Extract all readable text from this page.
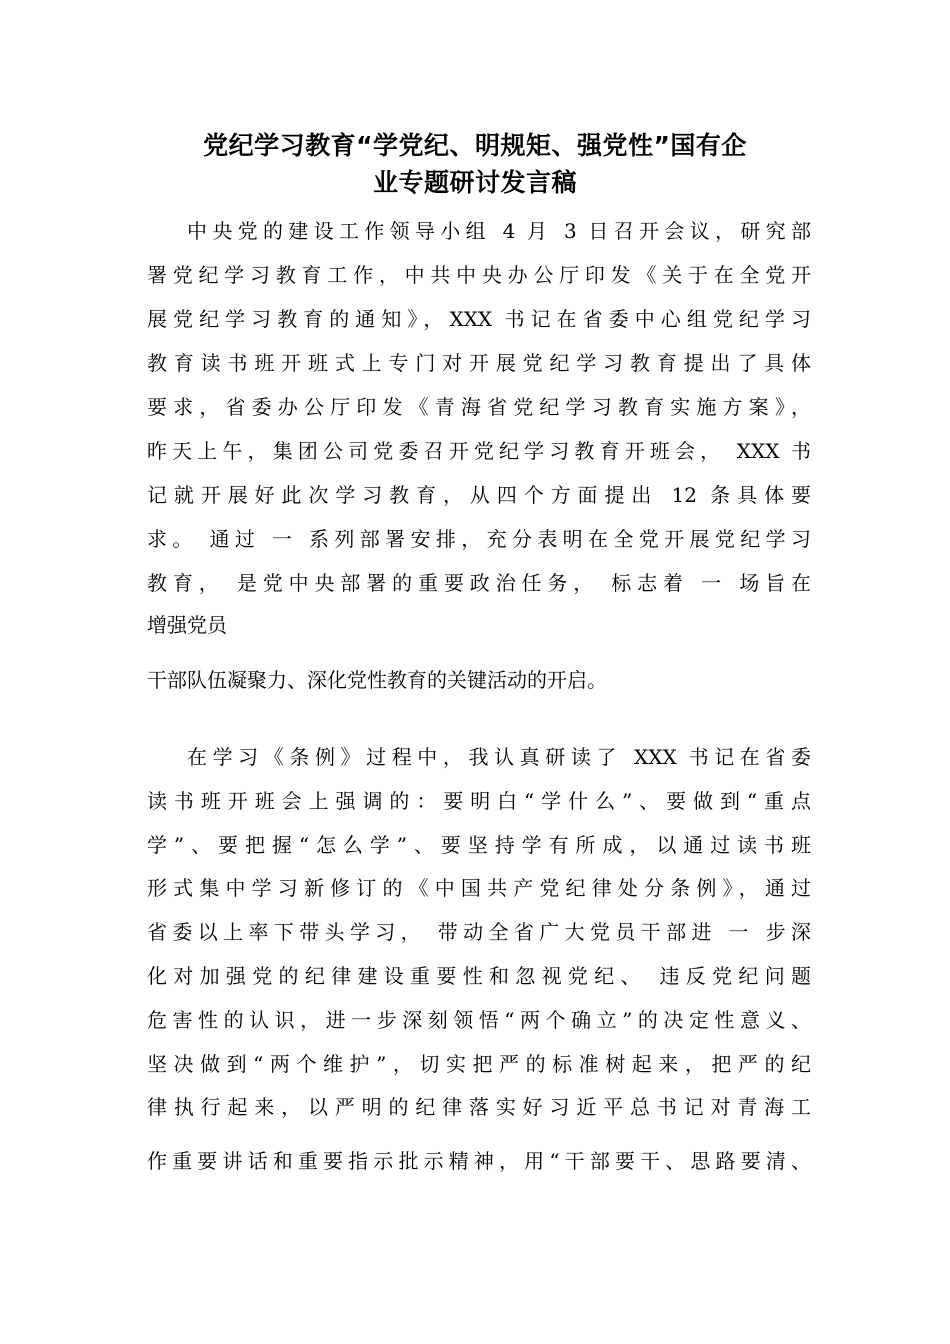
党纪学习教育“学党纪、明规矩、强党性”国有企
业专题研讨发言稿
中央党的建设工作领导小组 4 月 3 日召开会议，研究部
署党纪学习教育工作，中共中央办公厅印发《关于在全党开
展党纪学习教育的通知》，XXX 书记在省委中心组党纪学习
教育读书班开班式上专门对开展党纪学习教育提出了具体
要求，省委办公厅印发《青海省党纪学习教育实施方案》，
昨天上午，集团公司党委召开党纪学习教育开班会， XXX 书
记就开展好此次学习教育，从四个方面提出 12 条具体要
求。 通过 一 系列部署安排，充分表明在全党开展党纪学习
教育， 是党中央部署的重要政治任务， 标志着 一 场旨在
增强党员
干部队伍凝聚力、深化党性教育的关键活动的开启。
在学习《条例》过程中，我认真研读了 XXX 书记在省委
读书班开班会上强调的：要明白“学什么”、要做到“重点
学”、要把握“怎么学”、要坚持学有所成，以通过读书班
形式集中学习新修订的《中国共产党纪律处分条例》，通过
省委以上率下带头学习， 带动全省广大党员干部进 一 步深
化对加强党的纪律建设重要性和忽视党纪、 违反党纪问题
危害性的认识，进一步深刻领悟“两个确立”的决定性意义、
坚决做到“两个维护”，切实把严的标准树起来，把严的纪
律执行起来，以严明的纪律落实好习近平总书记对青海工
作重要讲话和重要指示批示精神，用“干部要干、思路要清、
